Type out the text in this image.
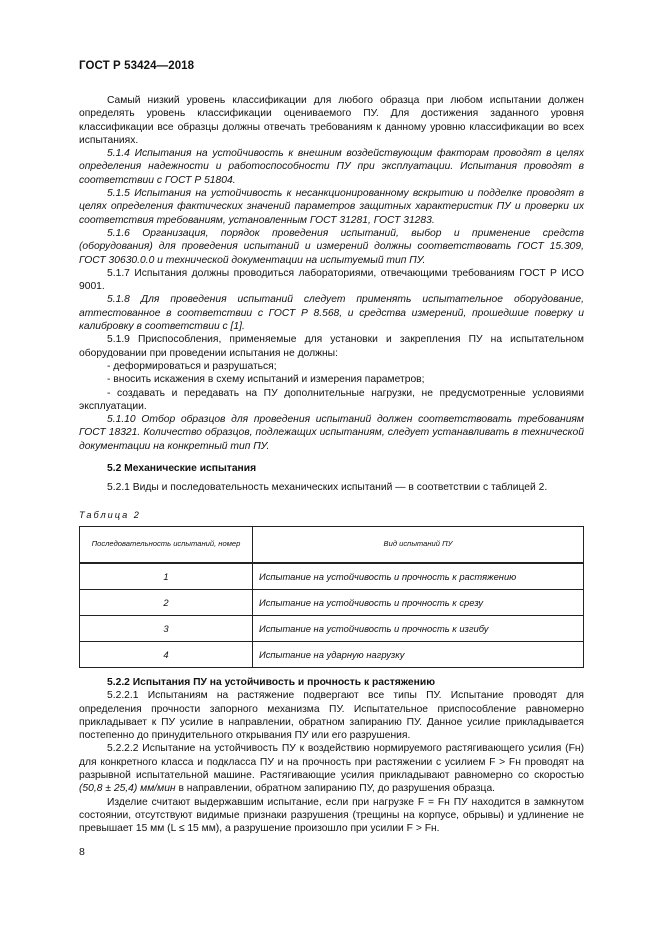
ГОСТ Р 53424—2018

Самый низкий уровень классификации для любого образца при любом испытании должен определять уровень классификации оцениваемого ПУ. Для достижения заданного уровня классификации все образцы должны отвечать требованиям к данному уровню классификации во всех испытаниях.

5.1.4 Испытания на устойчивость к внешним воздействующим факторам проводят в целях определения надежности и работоспособности ПУ при эксплуатации. Испытания проводят в соответствии с ГОСТ Р 51804.

5.1.5 Испытания на устойчивость к несанкционированному вскрытию и подделке проводят в целях определения фактических значений параметров защитных характеристик ПУ и проверки их соответствия требованиям, установленным ГОСТ 31281, ГОСТ 31283.

5.1.6 Организация, порядок проведения испытаний, выбор и применение средств (оборудования) для проведения испытаний и измерений должны соответствовать ГОСТ 15.309, ГОСТ 30630.0.0 и технической документации на испытуемый тип ПУ.

5.1.7 Испытания должны проводиться лабораториями, отвечающими требованиям ГОСТ Р ИСО 9001.

5.1.8 Для проведения испытаний следует применять испытательное оборудование, аттестованное в соответствии с ГОСТ Р 8.568, и средства измерений, прошедшие поверку и калибровку в соответствии с [1].

5.1.9 Приспособления, применяемые для установки и закрепления ПУ на испытательном оборудовании при проведении испытания не должны:

- деформироваться и разрушаться;

- вносить искажения в схему испытаний и измерения параметров;

- создавать и передавать на ПУ дополнительные нагрузки, не предусмотренные условиями эксплуатации.

5.1.10 Отбор образцов для проведения испытаний должен соответствовать требованиям ГОСТ 18321. Количество образцов, подлежащих испытаниям, следует устанавливать в технической документации на конкретный тип ПУ.

5.2 Механические испытания

5.2.1 Виды и последовательность механических испытаний — в соответствии с таблицей 2.

Таблица 2

Последовательность испытаний, номер	Вид испытаний ПУ
1	Испытание на устойчивость и прочность к растяжению
2	Испытание на устойчивость и прочность к срезу
3	Испытание на устойчивость и прочность к изгибу
4	Испытание на ударную нагрузку

5.2.2 Испытания ПУ на устойчивость и прочность к растяжению

5.2.2.1 Испытаниям на растяжение подвергают все типы ПУ. Испытание проводят для определения прочности запорного механизма ПУ. Испытательное приспособление равномерно прикладывает к ПУ усилие в направлении, обратном запиранию ПУ. Данное усилие прикладывается постепенно до принудительного открывания ПУ или его разрушения.

5.2.2.2 Испытание на устойчивость ПУ к воздействию нормируемого растягивающего усилия (Fн) для конкретного класса и подкласса ПУ и на прочность при растяжении с усилием F > Fн проводят на разрывной испытательной машине. Растягивающие усилия прикладывают равномерно со скоростью (50,8 ± 25,4) мм/мин в направлении, обратном запиранию ПУ, до разрушения образца.

Изделие считают выдержавшим испытание, если при нагрузке F = Fн ПУ находится в замкнутом состоянии, отсутствуют видимые признаки разрушения (трещины на корпусе, обрывы) и удлинение не превышает 15 мм (L ≤ 15 мм), а разрушение произошло при усилии F > Fн.

8
